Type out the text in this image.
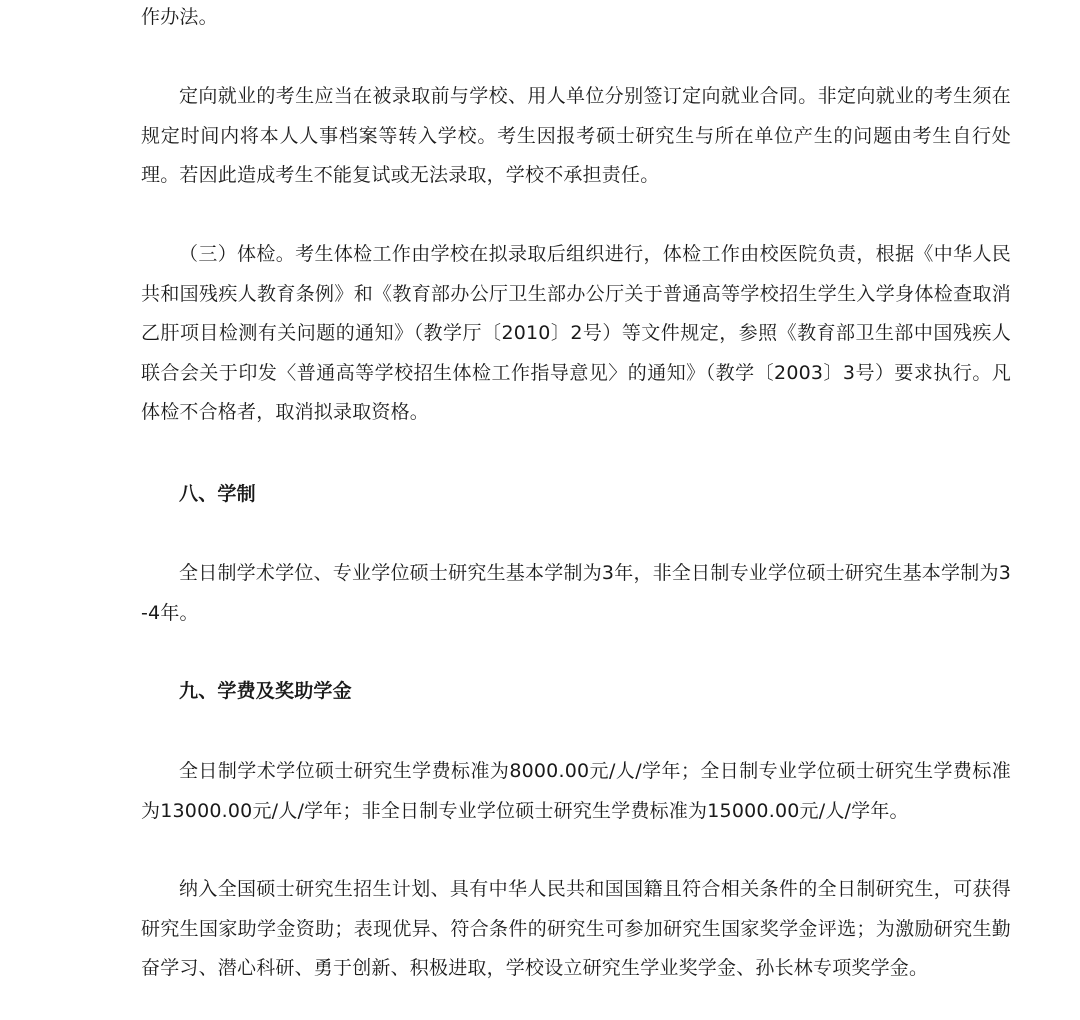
作办法。

定向就业的考生应当在被录取前与学校、用人单位分别签订定向就业合同。非定向就业的考生须在规定时间内将本人人事档案等转入学校。考生因报考硕士研究生与所在单位产生的问题由考生自行处理。若因此造成考生不能复试或无法录取，学校不承担责任。

（三）体检。考生体检工作由学校在拟录取后组织进行，体检工作由校医院负责，根据《中华人民共和国残疾人教育条例》和《教育部办公厅卫生部办公厅关于普通高等学校招生学生入学身体检查取消乙肝项目检测有关问题的通知》（教学厅〔2010〕2号）等文件规定，参照《教育部卫生部中国残疾人联合会关于印发〈普通高等学校招生体检工作指导意见〉的通知》（教学〔2003〕3号）要求执行。凡体检不合格者，取消拟录取资格。

八、学制

全日制学术学位、专业学位硕士研究生基本学制为3年，非全日制专业学位硕士研究生基本学制为3-4年。

九、学费及奖助学金

全日制学术学位硕士研究生学费标准为8000.00元/人/学年；全日制专业学位硕士研究生学费标准为13000.00元/人/学年；非全日制专业学位硕士研究生学费标准为15000.00元/人/学年。

纳入全国硕士研究生招生计划、具有中华人民共和国国籍且符合相关条件的全日制研究生，可获得研究生国家助学金资助；表现优异、符合条件的研究生可参加研究生国家奖学金评选；为激励研究生勤奋学习、潜心科研、勇于创新、积极进取，学校设立研究生学业奖学金、孙长林专项奖学金。
